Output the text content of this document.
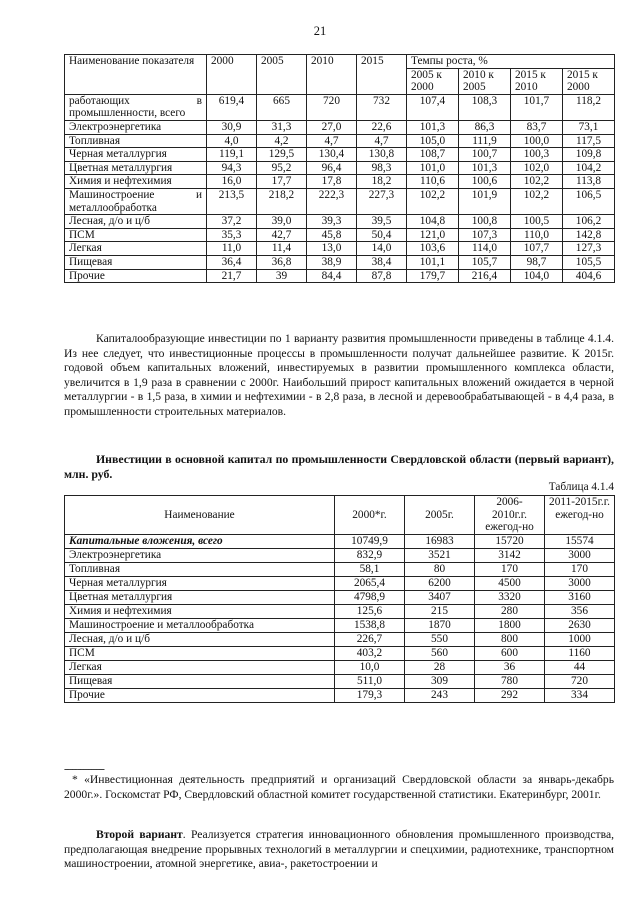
21
Наименование показателя	2000	2005	2010	2015	Темпы роста, %			
					2005 к 2000	2010 к 2005	2015 к 2010	2015 к 2000
работающих в промышленности, всего	619,4	665	720	732	107,4	108,3	101,7	118,2
Электроэнергетика	30,9	31,3	27,0	22,6	101,3	86,3	83,7	73,1
Топливная	4,0	4,2	4,7	4,7	105,0	111,9	100,0	117,5
Черная металлургия	119,1	129,5	130,4	130,8	108,7	100,7	100,3	109,8
Цветная металлургия	94,3	95,2	96,4	98,3	101,0	101,3	102,0	104,2
Химия и нефтехимия	16,0	17,7	17,8	18,2	110,6	100,6	102,2	113,8
Машиностроение и металлообработка	213,5	218,2	222,3	227,3	102,2	101,9	102,2	106,5
Лесная, д/о и ц/б	37,2	39,0	39,3	39,5	104,8	100,8	100,5	106,2
ПСМ	35,3	42,7	45,8	50,4	121,0	107,3	110,0	142,8
Легкая	11,0	11,4	13,0	14,0	103,6	114,0	107,7	127,3
Пищевая	36,4	36,8	38,9	38,4	101,1	105,7	98,7	105,5
Прочие	21,7	39	84,4	87,8	179,7	216,4	104,0	404,6

Капиталообразующие инвестиции по 1 варианту развития промышленности приведены в таблице 4.1.4. Из нее следует, что инвестиционные процессы в промышленности получат дальнейшее развитие. К 2015г. годовой объем капитальных вложений, инвестируемых в развитии промышленного комплекса области, увеличится в 1,9 раза в сравнении с 2000г. Наибольший прирост капитальных вложений ожидается в черной металлургии - в 1,5 раза, в химии и нефтехимии - в 2,8 раза, в лесной и деревообрабатывающей - в 4,4 раза, в промышленности строительных материалов.

Инвестиции в основной капитал по промышленности Свердловской области (первый вариант), млн. руб.

Таблица 4.1.4
Наименование	2000*г.	2005г.	2006-2010г.г. ежегод-но	2011-2015г.г. ежегод-но
Капитальные вложения, всего	10749,9	16983	15720	15574
Электроэнергетика	832,9	3521	3142	3000
Топливная	58,1	80	170	170
Черная металлургия	2065,4	6200	4500	3000
Цветная металлургия	4798,9	3407	3320	3160
Химия и нефтехимия	125,6	215	280	356
Машиностроение и металлообработка	1538,8	1870	1800	2630
Лесная, д/о и ц/б	226,7	550	800	1000
ПСМ	403,2	560	600	1160
Легкая	10,0	28	36	44
Пищевая	511,0	309	780	720
Прочие	179,3	243	292	334
---------------

* «Инвестиционная деятельность предприятий и организаций Свердловской области за январь-декабрь 2000г.». Госкомстат РФ, Свердловский областной комитет государственной статистики. Екатеринбург, 2001г.

Второй вариант. Реализуется стратегия инновационного обновления промышленного производства, предполагающая внедрение прорывных технологий в металлургии и спецхимии, радиотехнике, транспортном машиностроении, атомной энергетике, авиа-, ракетостроении и
